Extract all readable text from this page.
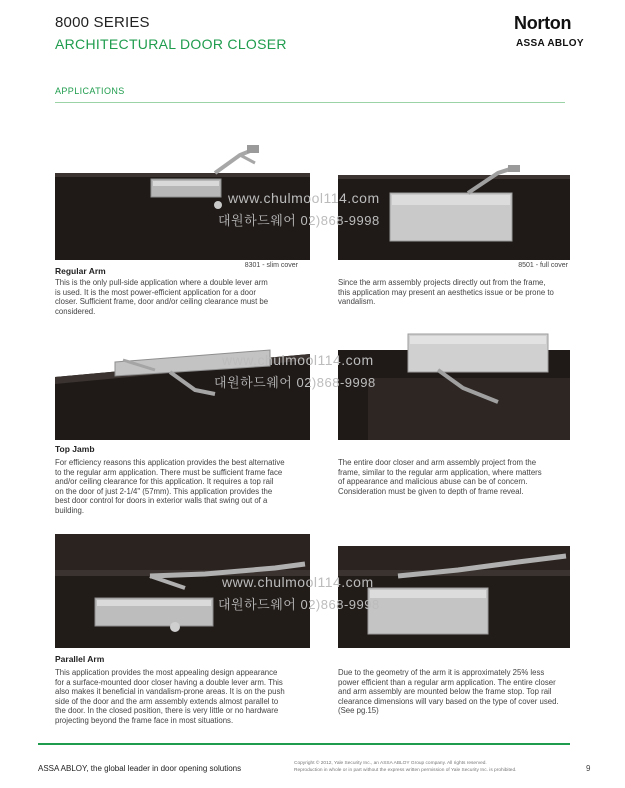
8000 SERIES
ARCHITECTURAL DOOR CLOSER
Norton
ASSA ABLOY
APPLICATIONS
8301 - slim cover	8501 - full cover
Regular Arm
This is the only pull-side application where a double lever arm
is used. It is the most power-efficient application for a door
closer. Sufficient frame, door and/or ceiling clearance must be
considered.
Since the arm assembly projects directly out from the frame,
this application may present an aesthetics issue or be prone to
vandalism.
Top Jamb
For efficiency reasons this application provides the best alternative
to the regular arm application. There must be sufficient frame face
and/or ceiling clearance for this application. It requires a top rail
on the door of just 2-1/4" (57mm). This application provides the
best door control for doors in exterior walls that swing out of a
building.
The entire door closer and arm assembly project from the
frame, similar to the regular arm application, where matters
of appearance and malicious abuse can be of concern.
Consideration must be given to depth of frame reveal.
Parallel Arm
This application provides the most appealing design appearance
for a surface-mounted door closer having a double lever arm. This
also makes it beneficial in vandalism-prone areas. It is on the push
side of the door and the arm assembly extends almost parallel to
the door. In the closed position, there is very little or no hardware
projecting beyond the frame face in most situations.
Due to the geometry of the arm it is approximately 25% less
power efficient than a regular arm application. The entire closer
and arm assembly are mounted below the frame stop. Top rail
clearance dimensions will vary based on the type of cover used.
(See pg.15)
www.chulmool114.com
대원하드웨어 02)868-9998
www.chulmool114.com
대원하드웨어 02)868-9998
www.chulmool114.com
대원하드웨어 02)868-9998
ASSA ABLOY, the global leader in door opening solutions
Copyright © 2012, Yale Security Inc., an ASSA ABLOY Group company. All rights reserved.
Reproduction in whole or in part without the express written permission of Yale Security Inc. is prohibited.	9
